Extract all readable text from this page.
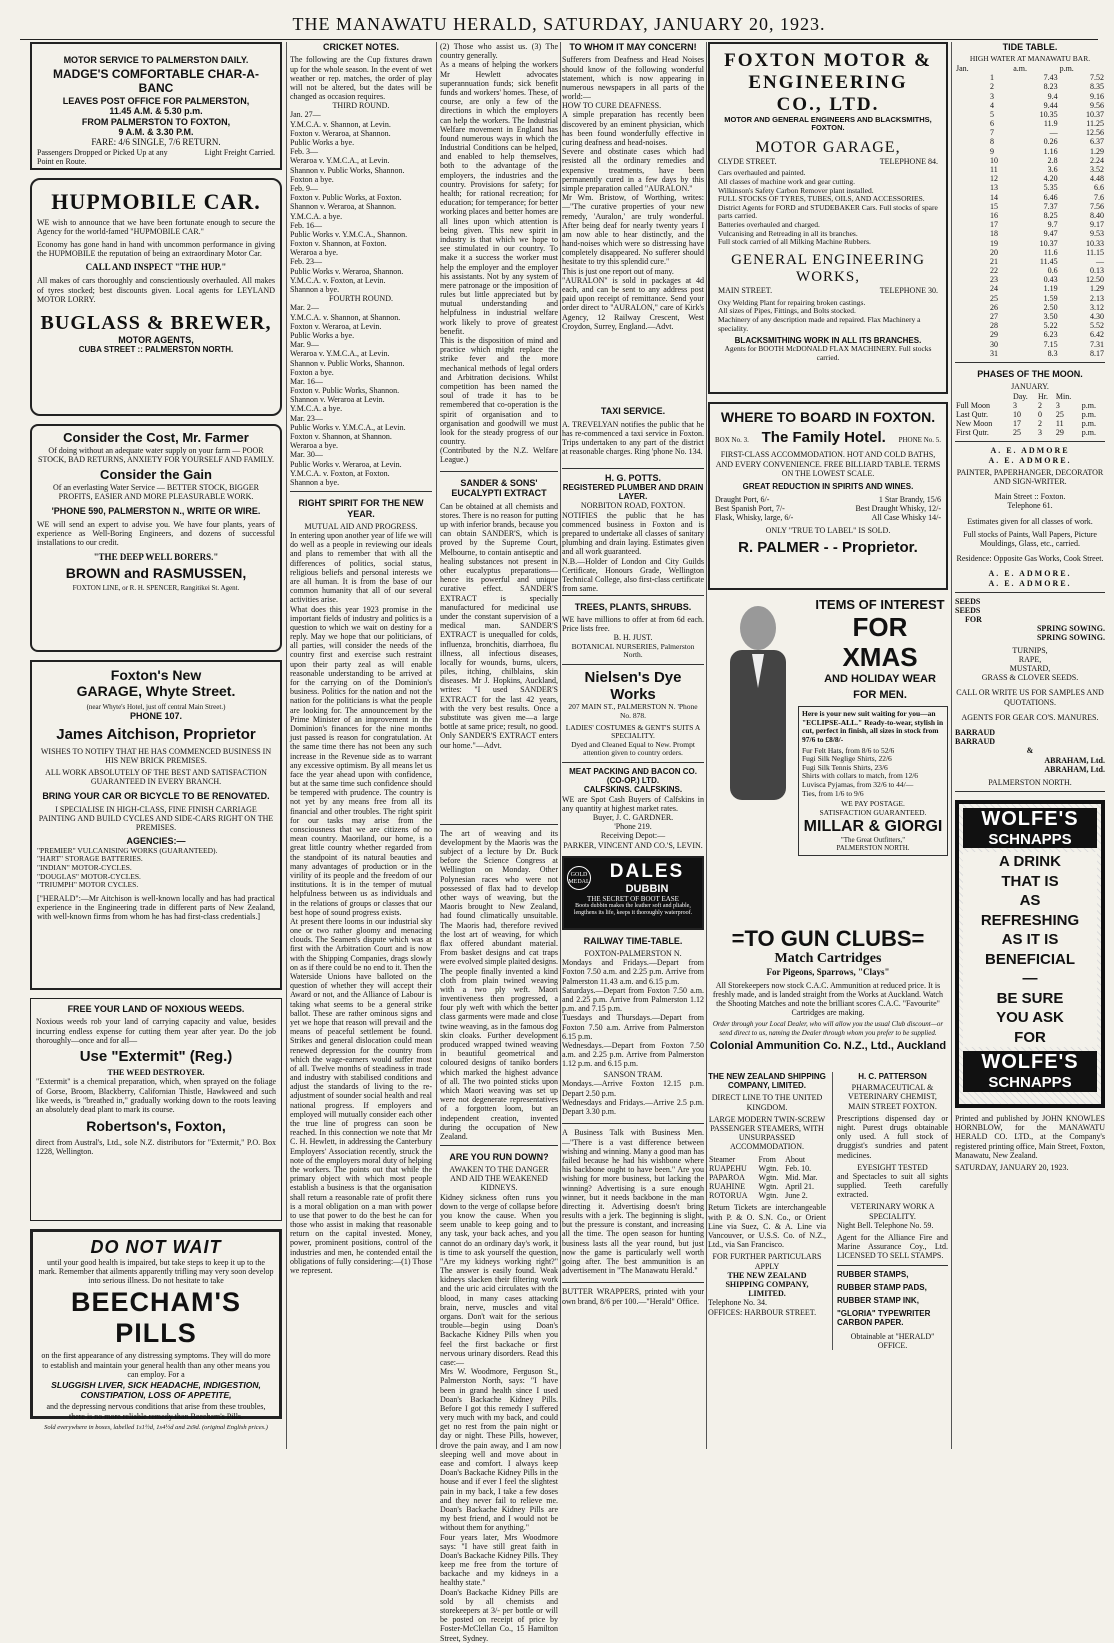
THE MANAWATU HERALD, SATURDAY, JANUARY 20, 1923.
MOTOR SERVICE TO PALMERSTON DAILY.
MADGE'S COMFORTABLE CHAR-A-BANC
LEAVES POST OFFICE FOR PALMERSTON,
11.45 A.M. & 5.30 p.m.
FROM PALMERSTON TO FOXTON,
9 A.M. & 3.30 P.M.
FARE: 4/6 SINGLE, 7/6 RETURN.
Passengers Dropped or Picked Up at any Point en Route.
Light Freight Carried.
HUPMOBILE CAR.
WE wish to announce that we have been fortunate enough to secure the Agency for the world-famed "HUPMOBILE CAR."
Economy has gone hand in hand with uncommon performance in giving the HUPMOBILE the reputation of being an extraordinary Motor Car.
CALL AND INSPECT "THE HUP."
All makes of cars thoroughly and conscientiously overhauled. All makes of tyres stocked; best discounts given. Local agents for LEYLAND MOTOR LORRY.
BUGLASS & BREWER,
MOTOR AGENTS,
CUBA STREET :: PALMERSTON NORTH.
Consider the Cost, Mr. Farmer
Of doing without an adequate water supply on your farm — POOR STOCK, BAD RETURNS, ANXIETY FOR YOURSELF AND FAMILY.
Consider the Gain
Of an everlasting Water Service — BETTER STOCK, BIGGER PROFITS, EASIER AND MORE PLEASURABLE WORK.
'PHONE 590, PALMERSTON N., WRITE OR WIRE.
WE will send an expert to advise you. We have four plants, years of experience as Well-Boring Engineers, and dozens of successful installations to our credit.
"THE DEEP WELL BORERS."
BROWN and RASMUSSEN,
FOXTON LINE, or R. H. SPENCER, Rangitikei St. Agent.
Foxton's New
GARAGE, Whyte Street.
(near Whyte's Hotel, just off central Main Street.)
PHONE 107.
James Aitchison, Proprietor
WISHES TO NOTIFY THAT HE HAS COMMENCED BUSINESS IN HIS NEW BRICK PREMISES.
ALL WORK ABSOLUTELY OF THE BEST AND SATISFACTION GUARANTEED IN EVERY BRANCH.
BRING YOUR CAR OR BICYCLE TO BE RENOVATED.
I SPECIALISE IN HIGH-CLASS, FINE FINISH CARRIAGE PAINTING AND BUILD CYCLES AND SIDE-CARS RIGHT ON THE PREMISES.
AGENCIES:—
"PREMIER" VULCANISING WORKS (GUARANTEED).
"HART" STORAGE BATTERIES.
"INDIAN" MOTOR-CYCLES.
"DOUGLAS" MOTOR-CYCLES.
"TRIUMPH" MOTOR CYCLES.
["HERALD":—Mr Aitchison is well-known locally and has had practical experience in the Engineering trade in different parts of New Zealand, with well-known firms from whom he has had first-class credentials.]
FREE YOUR LAND OF NOXIOUS WEEDS.
Noxious weeds rob your land of carrying capacity and value, besides incurring endless expense for cutting them year after year. Do the job thoroughly—once and for all—
Use "Extermit" (Reg.)
THE WEED DESTROYER.
"Extermit" is a chemical preparation, which, when sprayed on the foliage of Gorse, Broom, Blackberry, Californian Thistle, Hawkweed and such like weeds, is "breathed in," gradually working down to the roots leaving an absolutely dead plant to mark its course.
Robertson's, Foxton,
direct from Austral's, Ltd., sole N.Z. distributors for "Extermit," P.O. Box 1228, Wellington.
DO NOT WAIT
until your good health is impaired, but take steps to keep it up to the mark. Remember that ailments apparently trifling may very soon develop into serious illness. Do not hesitate to take
BEECHAM'S PILLS
on the first appearance of any distressing symptoms. They will do more to establish and maintain your general health than any other means you can employ. For a
SLUGGISH LIVER, SICK HEADACHE, INDIGESTION, CONSTIPATION, LOSS OF APPETITE,
and the depressing nervous conditions that arise from these troubles, there is no more reliable remedy than Beecham's Pills.
Sold everywhere in boxes, labelled 1s1½d, 1s4½d and 2s9d. (original English prices.)
CRICKET NOTES.
The following are the Cup fixtures drawn up for the whole season. In the event of wet weather or rep. matches, the order of play will not be altered, but the dates will be changed as occasion requires.
THIRD ROUND.
Jan. 27—
Y.M.C.A. v. Shannon, at Levin.
Foxton v. Weraroa, at Shannon.
Public Works a bye.
Feb. 3—
Weraroa v. Y.M.C.A., at Levin.
Shannon v. Public Works, Shannon.
Foxton a bye.
Feb. 9—
Foxton v. Public Works, at Foxton.
Shannon v. Weraroa, at Shannon.
Y.M.C.A. a bye.
Feb. 16—
Public Works v. Y.M.C.A., Shannon.
Foxton v. Shannon, at Foxton.
Weraroa a bye.
Feb. 23—
Public Works v. Weraroa, Shannon.
Y.M.C.A. v. Foxton, at Levin.
Shannon a bye.
FOURTH ROUND.
Mar. 2—
Y.M.C.A. v. Shannon, at Shannon.
Foxton v. Weraroa, at Levin.
Public Works a bye.
Mar. 9—
Weraroa v. Y.M.C.A., at Levin.
Shannon v. Public Works, Shannon.
Foxton a bye.
Mar. 16—
Foxton v. Public Works, Shannon.
Shannon v. Weraroa at Levin.
Y.M.C.A. a bye.
Mar. 23—
Public Works v. Y.M.C.A., at Levin.
Foxton v. Shannon, at Shannon.
Weraroa a bye.
Mar. 30—
Public Works v. Weraroa, at Levin.
Y.M.C.A. v. Foxton, at Foxton.
Shannon a bye.
RIGHT SPIRIT FOR THE NEW YEAR.
MUTUAL AID AND PROGRESS.
In entering upon another year of life we will do well as a people in reviewing our ideals and plans to remember that with all the differences of politics, social status, religious beliefs and personal interests we are all human. It is from the base of our common humanity that all of our several activities arise.
What does this year 1923 promise in the important fields of industry and politics is a question to which we wait on destiny for a reply. May we hope that our politicians, of all parties, will consider the needs of the country first and exercise such restraint upon their party zeal as will enable reasonable understanding to be arrived at for the carrying on of the Dominion's business. Politics for the nation and not the nation for the politicians is what the people are looking for. The announcement by the Prime Minister of an improvement in the Dominion's finances for the nine months just passed is reason for congratulation. At the same time there has not been any such increase in the Revenue side as to warrant any excessive optimism. By all means let us face the year ahead upon with confidence, but at the same time such confidence should be tempered with prudence. The country is not yet by any means free from all its financial and other troubles. The right spirit for our tasks may arise from the consciousness that we are citizens of no mean country. Maoriland, our home, is a great little country whether regarded from the standpoint of its natural beauties and many advantages of production or in the virility of its people and the freedom of our institutions. It is in the temper of mutual helpfulness between us as individuals and in the relations of groups or classes that our best hope of sound progress exists.
At present there looms in our industrial sky one or two rather gloomy and menacing clouds. The Seamen's dispute which was at first with the Arbitration Court and is now with the Shipping Companies, drags slowly on as if there could be no end to it. Then the Waterside Unions have balloted on the question of whether they will accept their Award or not, and the Alliance of Labour is taking what seems to be a general strike ballot. These are rather ominous signs and yet we hope that reason will prevail and the means of peaceful settlement be found. Strikes and general dislocation could mean renewed depression for the country from which the wage-earners would suffer most of all. Twelve months of steadiness in trade and industry with stabilised conditions and adjust the standards of living to the re-adjustment of sounder social health and real national progress. If employers and employed will mutually consider each other the true line of progress can soon be reached. In this connection we note that Mr C. H. Hewlett, in addressing the Canterbury Employers' Association recently, struck the note of the employers moral duty of helping the workers. The points out that while the primary object with which most people establish a business is that the organisation shall return a reasonable rate of profit there is a moral obligation on a man with power to use that power to do the best he can for those who assist in making that reasonable return on the capital invested. Money, power, prominent positions, control of the industries and men, he contended entail the obligations of fully considering:—(1) Those we represent.
(2) Those who assist us. (3) The country generally.
As a means of helping the workers Mr Hewlett advocates superannuation funds; sick benefit funds and workers' homes. These, of course, are only a few of the directions in which the employers can help the workers. The Industrial Welfare movement in England has found numerous ways in which the Industrial Conditions can be helped, and enabled to help themselves, both to the advantage of the employers, the industries and the country. Provisions for safety; for health; for rational recreation; for education; for temperance; for better working places and better homes are all lines upon which attention is being given. This new spirit in industry is that which we hope to see stimulated in our country. To make it a success the worker must help the employer and the employer his assistants. Not by any system of mere patronage or the imposition of rules but little appreciated but by mutual understanding and helpfulness in industrial welfare work likely to prove of greatest benefit.
This is the disposition of mind and practice which might replace the strike fever and the more mechanical methods of legal orders and Arbitration decisions. Whilst competition has been named the soul of trade it has to be remembered that co-operation is the spirit of organisation and to organisation and goodwill we must look for the steady progress of our country.
(Contributed by the N.Z. Welfare League.)
SANDER & SONS' EUCALYPTI EXTRACT
Can be obtained at all chemists and stores. There is no reason for putting up with inferior brands, because you can obtain SANDER'S, which is proved by the Supreme Court, Melbourne, to contain antiseptic and healing substances not present in other eucalyptus preparations—hence its powerful and unique curative effect. SANDER'S EXTRACT is specially manufactured for medicinal use under the constant supervision of a medical man. SANDER'S EXTRACT is unequalled for colds, influenza, bronchitis, diarrhoea, flu illness, all infectious diseases, locally for wounds, burns, ulcers, piles, itching, chilblains, skin diseases. Mr J. Hopkins, Auckland, writes: "I used SANDER'S EXTRACT for the last 42 years, with the very best results. Once a substitute was given me—a large bottle at same price; result, no good. Only SANDER'S EXTRACT enters our home."—Advt.
The art of weaving and its development by the Maoris was the subject of a lecture by Dr. Buck before the Science Congress at Wellington on Monday. Other Polynesian races who were not possessed of flax had to develop other ways of weaving, but the Maoris brought to New Zealand, had found climatically unsuitable. The Maoris had, therefore revived the lost art of weaving, for which flax offered abundant material. From basket designs and cat traps were evolved simple plaited designs. The people finally invented a kind cloth from plain twined weaving with a two ply weft. Maori inventiveness then progressed, a four ply weft with which the better class garments were made and close twine weaving, as in the famous dog skin cloaks. Further development produced wrapped twined weaving in beautiful geometrical and coloured designs of taniko borders which marked the highest advance of all. The two pointed sticks upon which Maori weaving was set up were not degenerate representatives of a forgotten loom, but an independent creation, invented during the occupation of New Zealand.
ARE YOU RUN DOWN?
AWAKEN TO THE DANGER AND AID THE WEAKENED KIDNEYS.
Kidney sickness often runs you down to the verge of collapse before you know the cause. When you seem unable to keep going and to any task, your back aches, and you cannot do an ordinary day's work, it is time to ask yourself the question, "Are my kidneys working right?" The answer is easily found. Weak kidneys slacken their filtering work and the uric acid circulates with the blood, in many cases attacking brain, nerve, muscles and vital organs. Don't wait for the serious trouble—begin using Doan's Backache Kidney Pills when you feel the first backache or first nervous urinary disorders. Read this case:—
Mrs W. Woodmore, Ferguson St., Palmerston North, says: "I have been in grand health since I used Doan's Backache Kidney Pills. Before I got this remedy I suffered very much with my back, and could get no rest from the pain night or day or night. These Pills, however, drove the pain away, and I am now sleeping well and move about in ease and comfort. I always keep Doan's Backache Kidney Pills in the house and if ever I feel the slightest pain in my back, I take a few doses and they never fail to relieve me. Doan's Backache Kidney Pills are my best friend, and I would not be without them for anything."
Four years later, Mrs Woodmore says: "I have still great faith in Doan's Backache Kidney Pills. They keep me free from the torture of backache and my kidneys in a healthy state."
Doan's Backache Kidney Pills are sold by all chemists and storekeepers at 3/- per bottle or will be posted on receipt of price by Foster-McClellan Co., 15 Hamilton Street, Sydney.
TO WHOM IT MAY CONCERN!
Sufferers from Deafness and Head Noises should know of the following wonderful statement, which is now appearing in numerous newspapers in all parts of the world:—
HOW TO CURE DEAFNESS.
A simple preparation has recently been discovered by an eminent physician, which has been found wonderfully effective in curing deafness and head-noises.
Severe and obstinate cases which had resisted all the ordinary remedies and expensive treatments, have been permanently cured in a few days by this simple preparation called "AURALON."
Mr Wm. Bristow, of Worthing, writes:—"The curative properties of your new remedy, 'Auralon,' are truly wonderful. After being deaf for nearly twenty years I am now able to hear distinctly, and the hand-noises which were so distressing have completely disappeared. No sufferer should hesitate to try this splendid cure."
This is just one report out of many.
"AURALON" is sold in packages at 4d each, and can be sent to any address post paid upon receipt of remittance. Send your order direct to "AURALON," care of Kirk's Agency, 12 Railway Crescent, West Croydon, Surrey, England.—Advt.
TAXI SERVICE.
A. TREVELYAN notifies the public that he has re-commenced a taxi service in Foxton. Trips undertaken to any part of the district at reasonable charges. Ring 'phone No. 134.
H. G. POTTS.
REGISTERED PLUMBER AND DRAIN LAYER.
NORBITON ROAD, FOXTON.
NOTIFIES the public that he has commenced business in Foxton and is prepared to undertake all classes of sanitary plumbing and drain laying. Estimates given and all work guaranteed.
N.B.—Holder of London and City Guilds Certificate, Honours Grade, Wellington Technical College, also first-class certificate from same.
TREES, PLANTS, SHRUBS.
WE have millions to offer at from 6d each. Price lists free.
B. H. JUST.
BOTANICAL NURSERIES, Palmerston North.
Nielsen's Dye
Works
207 MAIN ST., PALMERSTON N. 'Phone No. 878.
LADIES' COSTUMES & GENT'S SUITS A SPECIALITY.
Dyed and Cleaned Equal to New. Prompt attention given to country orders.
MEAT PACKING AND BACON CO. (CO-OP.) LTD.
CALFSKINS. CALFSKINS.
WE are Spot Cash Buyers of Calfskins in any quantity at highest market rates.
Buyer, J. C. GARDNER.
'Phone 219.
Receiving Depot:—
PARKER, VINCENT AND CO.'S, LEVIN.
GOLD MEDAL
DALES
DUBBIN
THE SECRET OF BOOT EASE
Boots dubbin makes the leather soft and pliable, lengthens its life, keeps it thoroughly waterproof.
RAILWAY TIME-TABLE.
FOXTON-PALMERSTON N.
Mondays and Fridays.—Depart from Foxton 7.50 a.m. and 2.25 p.m. Arrive from Palmerston 11.43 a.m. and 6.15 p.m.
Saturdays.—Depart from Foxton 7.50 a.m. and 2.25 p.m. Arrive from Palmerston 1.12 p.m. and 7.15 p.m.
Tuesdays and Thursdays.—Depart from Foxton 7.50 a.m. Arrive from Palmerston 6.15 p.m.
Wednesdays.—Depart from Foxton 7.50 a.m. and 2.25 p.m. Arrive from Palmerston 1.12 p.m. and 6.15 p.m.
SANSON TRAM.
Mondays.—Arrive Foxton 12.15 p.m. Depart 2.50 p.m.
Wednesdays and Fridays.—Arrive 2.5 p.m. Depart 3.30 p.m.
A Business Talk with Business Men.—"There is a vast difference between wishing and winning. Many a good man has failed because he had his wishbone where his backbone ought to have been." Are you wishing for more business, but lacking the winning? Advertising is a sure enough winner, but it needs backbone in the man directing it. Advertising doesn't bring results with a jerk. The beginning is slight, but the pressure is constant, and increasing all the time. The open season for hunting business lasts all the year round, but just now the game is particularly well worth going after. The best ammunition is an advertisement in "The Manawatu Herald."
BUTTER WRAPPERS, printed with your own brand, 8/6 per 100.—"Herald" Office.
FOXTON MOTOR &
ENGINEERING
CO., LTD.
MOTOR AND GENERAL ENGINEERS AND BLACKSMITHS, FOXTON.
MOTOR GARAGE,
CLYDE STREET.	TELEPHONE 84.
Cars overhauled and painted.
All classes of machine work and gear cutting.
Wilkinson's Safety Carbon Remover plant installed.
FULL STOCKS OF TYRES, TUBES, OILS, AND ACCESSORIES.
District Agents for FORD and STUDEBAKER Cars. Full stocks of spare parts carried.
Batteries overhauled and charged.
Vulcanising and Retreading in all its branches.
Full stock carried of all Milking Machine Rubbers.
GENERAL ENGINEERING WORKS,
MAIN STREET.	TELEPHONE 30.
Oxy Welding Plant for repairing broken castings.
All sizes of Pipes, Fittings, and Bolts stocked.
Machinery of any description made and repaired. Flax Machinery a speciality.
BLACKSMITHING WORK IN ALL ITS BRANCHES.
Agents for BOOTH McDONALD FLAX MACHINERY. Full stocks carried.
WHERE TO BOARD IN FOXTON.
BOX No. 3. The Family Hotel. PHONE No. 5.
FIRST-CLASS ACCOMMODATION. HOT AND COLD BATHS, AND EVERY CONVENIENCE. FREE BILLIARD TABLE. TERMS ON THE LOWEST SCALE.
GREAT REDUCTION IN SPIRITS AND WINES.
Draught Port, 6/-	1 Star Brandy, 15/6
Best Spanish Port, 7/-	Best Draught Whisky, 12/-
Flask, Whisky, large, 6/-	All Case Whisky 14/-
ONLY "TRUE TO LABEL" IS SOLD.
R. PALMER - - Proprietor.
ITEMS OF INTEREST
FOR XMAS
AND HOLIDAY WEAR
FOR MEN.
Here is your new suit waiting for you—an "ECLIPSE-ALL." Ready-to-wear, stylish in cut, perfect in finish, all sizes in stock from 97/6 to £8/8/-
Fur Felt Hats, from 8/6 to 52/6
Fugi Silk Neglige Shirts, 22/6
Fugi Silk Tennis Shirts, 23/6
Shirts with collars to match, from 12/6
Luvisca Pyjamas, from 32/6 to 44/—
Ties, from 1/6 to 9/6
WE PAY POSTAGE.
SATISFACTION GUARANTEED.
MILLAR & GIORGI
"The Great Outfitters,"
PALMERSTON NORTH.
=TO GUN CLUBS=
Match Cartridges
For Pigeons, Sparrows, "Clays"
All Storekeepers now stock C.A.C. Ammunition at reduced price. It is freshly made, and is landed straight from the Works at Auckland. Watch the Shooting Matches and note the brilliant scores C.A.C. "Favourite" Cartridges are making.
Order through your Local Dealer, who will allow you the usual Club discount—or send direct to us, naming the Dealer through whom you prefer to be supplied.
Colonial Ammunition Co. N.Z., Ltd., Auckland
THE NEW ZEALAND SHIPPING COMPANY, LIMITED.
DIRECT LINE TO THE UNITED KINGDOM.
LARGE MODERN TWIN-SCREW PASSENGER STEAMERS, WITH UNSURPASSED ACCOMMODATION.
Steamer	From	About
RUAPEHU	Wgtn.	Feb. 10.
PAPAROA	Wgtn.	Mid. Mar.
RUAHINE	Wgtn.	April 21.
ROTORUA	Wgtn.	June 2.
Return Tickets are interchangeable with P. & O. S.N. Co., or Orient Line via Suez, C. & A. Line via Vancouver, or U.S.S. Co. of N.Z., Ltd., via San Francisco.
FOR FURTHER PARTICULARS APPLY
THE NEW ZEALAND SHIPPING COMPANY, LIMITED.
Telephone No. 34.
OFFICES: HARBOUR STREET.
H. C. PATTERSON
PHARMACEUTICAL & VETERINARY CHEMIST,
MAIN STREET FOXTON.
Prescriptions dispensed day or night. Purest drugs obtainable only used. A full stock of druggist's sundries and patent medicines.
EYESIGHT TESTED
and Spectacles to suit all sights supplied. Teeth carefully extracted.
VETERINARY WORK A SPECIALITY.
Night Bell. Telephone No. 59.
Agent for the Alliance Fire and Marine Assurance Coy., Ltd. LICENSED TO SELL STAMPS.
RUBBER STAMPS,
RUBBER STAMP PADS,
RUBBER STAMP INK,
"GLORIA" TYPEWRITER CARBON PAPER.
Obtainable at "HERALD" OFFICE.
TIDE TABLE.
HIGH WATER AT MANAWATU BAR.
Jan.		a.m.	p.m.
	1	7.43	7.52
	2	8.23	8.35
	3	9.4	9.16
	4	9.44	9.56
	5	10.35	10.37
	6	11.9	11.25
	7	—	12.56
	8	0.26	6.37
	9	1.16	1.29
	10	2.8	2.24
	11	3.6	3.52
	12	4.20	4.48
	13	5.35	6.6
	14	6.46	7.6
	15	7.37	7.56
	16	8.25	8.40
	17	9.7	9.17
	18	9.47	9.53
	19	10.37	10.33
	20	11.6	11.15
	21	11.45	—
	22	0.6	0.13
	23	0.43	12.50
	24	1.19	1.29
	25	1.59	2.13
	26	2.50	3.12
	27	3.50	4.30
	28	5.22	5.52
	29	6.23	6.42
	30	7.15	7.31
	31	8.3	8.17
PHASES OF THE MOON.
JANUARY.
	Day.	Hr.	Min.	
Full Moon	3	2	3	p.m.
Last Qutr.	10	0	25	p.m.
New Moon	17	2	11	p.m.
First Qutr.	25	3	29	p.m.
A. E. ADMORE
A. E. ADMORE.
PAINTER, PAPERHANGER, DECORATOR AND SIGN-WRITER.
Main Street :: Foxton.
Telephone 61.
Estimates given for all classes of work.
Full stocks of Paints, Wall Papers, Picture Mouldings, Glass, etc., carried.
Residence: Opposite Gas Works, Cook Street.
A. E. ADMORE.
A. E. ADMORE.
SEEDS
SEEDS
FOR
SPRING SOWING.
SPRING SOWING.
TURNIPS,
RAPE,
MUSTARD,
GRASS & CLOVER SEEDS.
CALL OR WRITE US FOR SAMPLES AND QUOTATIONS.
AGENTS FOR GEAR CO'S. MANURES.
BARRAUD
BARRAUD
&
ABRAHAM, Ltd.
ABRAHAM, Ltd.
PALMERSTON NORTH.
WOLFE'S
SCHNAPPS
A DRINK
THAT IS
AS
REFRESHING
AS IT IS
BENEFICIAL
—
BE SURE
YOU ASK
FOR
WOLFE'S
SCHNAPPS
Printed and published by JOHN KNOWLES HORNBLOW, for the MANAWATU HERALD CO. LTD., at the Company's registered printing office, Main Street, Foxton, Manawatu, New Zealand.
SATURDAY, JANUARY 20, 1923.
